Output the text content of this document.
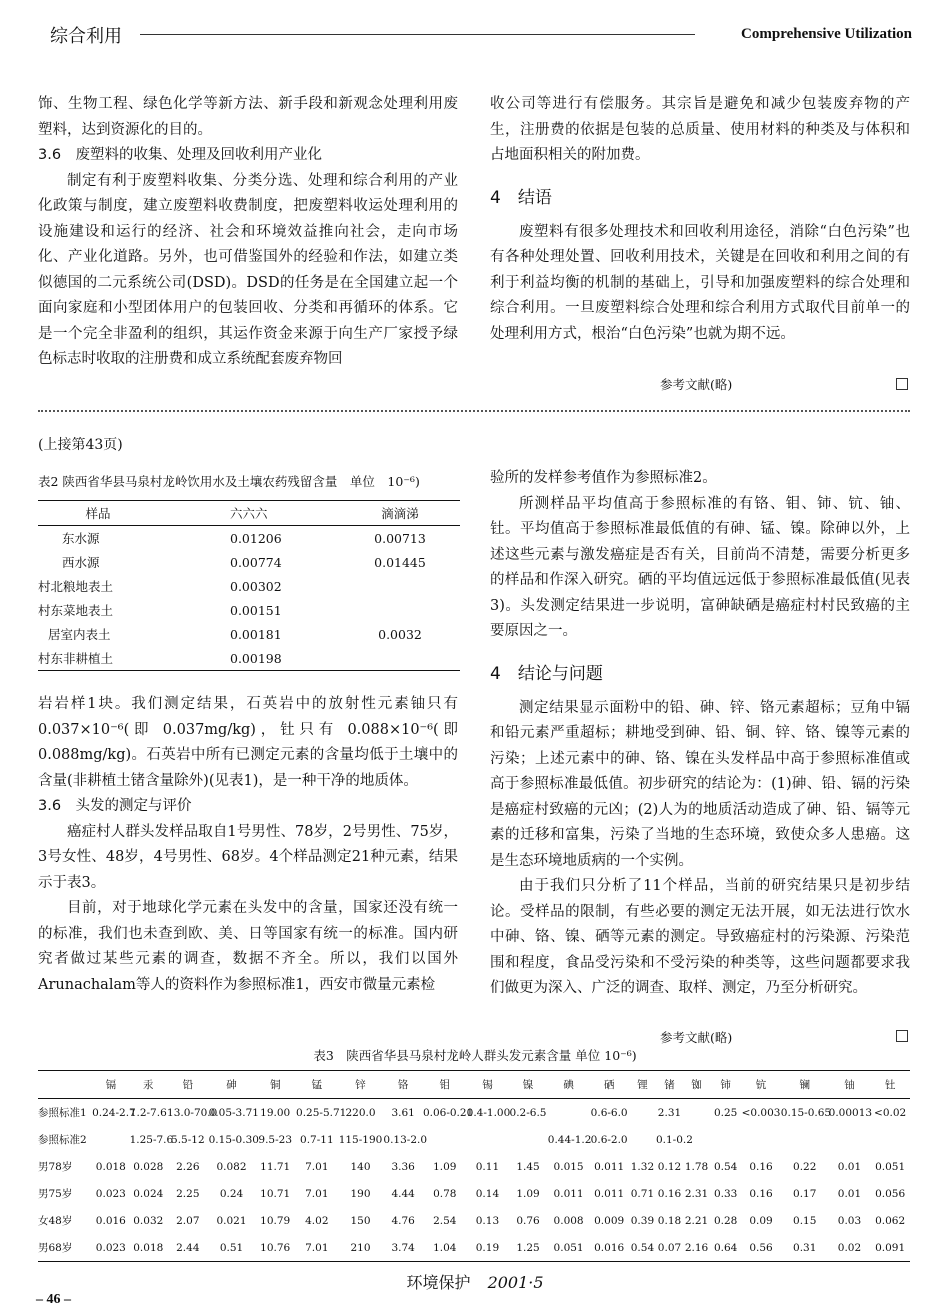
综合利用	Comprehensive Utilization

饰、生物工程、绿色化学等新方法、新手段和新观念处理利用废塑料，达到资源化的目的。

3.6　废塑料的收集、处理及回收利用产业化

制定有利于废塑料收集、分类分选、处理和综合利用的产业化政策与制度，建立废塑料收费制度，把废塑料收运处理利用的设施建设和运行的经济、社会和环境效益推向社会，走向市场化、产业化道路。另外，也可借鉴国外的经验和作法，如建立类似德国的二元系统公司(DSD)。DSD的任务是在全国建立起一个面向家庭和小型团体用户的包装回收、分类和再循环的体系。它是一个完全非盈利的组织，其运作资金来源于向生产厂家授予绿色标志时收取的注册费和成立系统配套废弃物回

收公司等进行有偿服务。其宗旨是避免和减少包装废弃物的产生，注册费的依据是包装的总质量、使用材料的种类及与体积和占地面积相关的附加费。

4　结语

废塑料有很多处理技术和回收利用途径，消除“白色污染”也有各种处理处置、回收利用技术，关键是在回收和利用之间的有利于利益均衡的机制的基础上，引导和加强废塑料的综合处理和综合利用。一旦废塑料综合处理和综合利用方式取代目前单一的处理利用方式，根治“白色污染”也就为期不远。

参考文献(略)
(上接第43页)
表2 陕西省华县马泉村龙岭饮用水及土壤农药残留含量　单位　10⁻⁶)
样品	六六六	滴滴涕
东水源	0.01206	0.00713
西水源	0.00774	0.01445
村北粮地表土	0.00302	
村东菜地表土	0.00151	
居室内表土	0.00181	0.0032
村东非耕植土	0.00198	

岩岩样1块。我们测定结果，石英岩中的放射性元素铀只有0.037×10⁻⁶(即 0.037mg/kg)，钍只有 0.088×10⁻⁶(即0.088mg/kg)。石英岩中所有已测定元素的含量均低于土壤中的含量(非耕植土锗含量除外)(见表1)，是一种干净的地质体。

3.6　头发的测定与评价

癌症村人群头发样品取自1号男性、78岁，2号男性、75岁，3号女性、48岁，4号男性、68岁。4个样品测定21种元素，结果示于表3。

目前，对于地球化学元素在头发中的含量，国家还没有统一的标准，我们也未查到欧、美、日等国家有统一的标准。国内研究者做过某些元素的调查，数据不齐全。所以，我们以国外Arunachalam等人的资料作为参照标准1，西安市微量元素检

验所的发样参考值作为参照标准2。

所测样品平均值高于参照标准的有铬、钼、铈、钪、铀、钍。平均值高于参照标准最低值的有砷、锰、镍。除砷以外，上述这些元素与激发癌症是否有关，目前尚不清楚，需要分析更多的样品和作深入研究。硒的平均值远远低于参照标准最低值(见表3)。头发测定结果进一步说明，富砷缺硒是癌症村村民致癌的主要原因之一。

4　结论与问题

测定结果显示面粉中的铅、砷、锌、铬元素超标；豆角中镉和铅元素严重超标；耕地受到砷、铅、铜、锌、铬、镍等元素的污染；上述元素中的砷、铬、镍在头发样品中高于参照标准值或高于参照标准最低值。初步研究的结论为：(1)砷、铅、镉的污染是癌症村致癌的元凶；(2)人为的地质活动造成了砷、铅、镉等元素的迁移和富集，污染了当地的生态环境，致使众多人患癌。这是生态环境地质病的一个实例。

由于我们只分析了11个样品，当前的研究结果只是初步结论。受样品的限制，有些必要的测定无法开展，如无法进行饮水中砷、铬、镍、硒等元素的测定。导致癌症村的污染源、污染范围和程度，食品受污染和不受污染的种类等，这些问题都要求我们做更为深入、广泛的调查、取样、测定，乃至分析研究。

参考文献(略)
表3　陕西省华县马泉村龙岭人群头发元素含量 单位 10⁻⁶)
	镉	汞	铅	砷	铜	锰	锌	铬	钼	锡	镍	碘	硒	锂	锗	铷	铈	钪	镧	铀	钍
参照标准1	0.24-2.7	1.2-7.6	13.0-70.0	0.05-3.71	19.00	0.25-5.71	220.0	3.61	0.06-0.21	0.4-1.00	0.2-6.5		0.6-6.0		2.31		0.25	<0.003	0.15-0.65	0.00013	<0.02
参照标准2		1.25-7.6	5.5-12	0.15-0.30	9.5-23	0.7-11	115-190	0.13-2.0				0.44-1.2	0.6-2.0		0.1-0.2						
男78岁	0.018	0.028	2.26	0.082	11.71	7.01	140	3.36	1.09	0.11	1.45	0.015	0.011	1.32	0.12	1.78	0.54	0.16	0.22	0.01	0.051
男75岁	0.023	0.024	2.25	0.24	10.71	7.01	190	4.44	0.78	0.14	1.09	0.011	0.011	0.71	0.16	2.31	0.33	0.16	0.17	0.01	0.056
女48岁	0.016	0.032	2.07	0.021	10.79	4.02	150	4.76	2.54	0.13	0.76	0.008	0.009	0.39	0.18	2.21	0.28	0.09	0.15	0.03	0.062
男68岁	0.023	0.018	2.44	0.51	10.76	7.01	210	3.74	1.04	0.19	1.25	0.051	0.016	0.54	0.07	2.16	0.64	0.56	0.31	0.02	0.091
环境保护 2001·5
– 46 –
